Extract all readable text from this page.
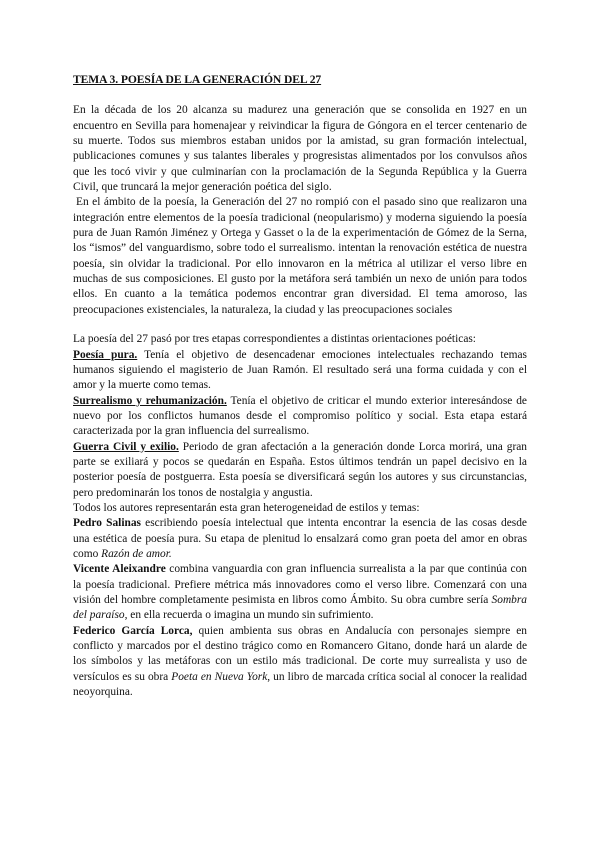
TEMA 3. POESÍA DE LA GENERACIÓN DEL 27

En la década de los 20 alcanza su madurez una generación que se consolida en 1927 en un encuentro en Sevilla para homenajear y reivindicar la figura de Góngora en el tercer centenario de su muerte. Todos sus miembros estaban unidos por la amistad, su gran formación intelectual, publicaciones comunes y sus talantes liberales y progresistas alimentados por los convulsos años que les tocó vivir y que culminarían con la proclamación de la Segunda República y la Guerra Civil, que truncará la mejor generación poética del siglo.

En el ámbito de la poesía, la Generación del 27 no rompió con el pasado sino que realizaron una integración entre elementos de la poesía tradicional (neopularismo) y moderna siguiendo la poesía pura de Juan Ramón Jiménez y Ortega y Gasset o la de la experimentación de Gómez de la Serna, los “ismos” del vanguardismo, sobre todo el surrealismo. intentan la renovación estética de nuestra poesía, sin olvidar la tradicional. Por ello innovaron en la métrica al utilizar el verso libre en muchas de sus composiciones. El gusto por la metáfora será también un nexo de unión para todos ellos. En cuanto a la temática podemos encontrar gran diversidad. El tema amoroso, las preocupaciones existenciales, la naturaleza, la ciudad y las preocupaciones sociales

La poesía del 27 pasó por tres etapas correspondientes a distintas orientaciones poéticas:

Poesía pura. Tenía el objetivo de desencadenar emociones intelectuales rechazando temas humanos siguiendo el magisterio de Juan Ramón. El resultado será una forma cuidada y con el amor y la muerte como temas.

Surrealismo y rehumanización. Tenía el objetivo de criticar el mundo exterior interesándose de nuevo por los conflictos humanos desde el compromiso político y social. Esta etapa estará caracterizada por la gran influencia del surrealismo.

Guerra Civil y exilio. Periodo de gran afectación a la generación donde Lorca morirá, una gran parte se exiliará y pocos se quedarán en España. Estos últimos tendrán un papel decisivo en la posterior poesía de postguerra. Esta poesía se diversificará según los autores y sus circunstancias, pero predominarán los tonos de nostalgia y angustia.

Todos los autores representarán esta gran heterogeneidad de estilos y temas:

Pedro Salinas escribiendo poesía intelectual que intenta encontrar la esencia de las cosas desde una estética de poesía pura. Su etapa de plenitud lo ensalzará como gran poeta del amor en obras como Razón de amor.

Vicente Aleixandre combina vanguardia con gran influencia surrealista a la par que continúa con la poesía tradicional. Prefiere métrica más innovadores como el verso libre. Comenzará con una visión del hombre completamente pesimista en libros como Ámbito. Su obra cumbre sería Sombra del paraíso, en ella recuerda o imagina un mundo sin sufrimiento.

Federico García Lorca, quien ambienta sus obras en Andalucía con personajes siempre en conflicto y marcados por el destino trágico como en Romancero Gitano, donde hará un alarde de los símbolos y las metáforas con un estilo más tradicional. De corte muy surrealista y uso de versículos es su obra Poeta en Nueva York, un libro de marcada crítica social al conocer la realidad neoyorquina.
